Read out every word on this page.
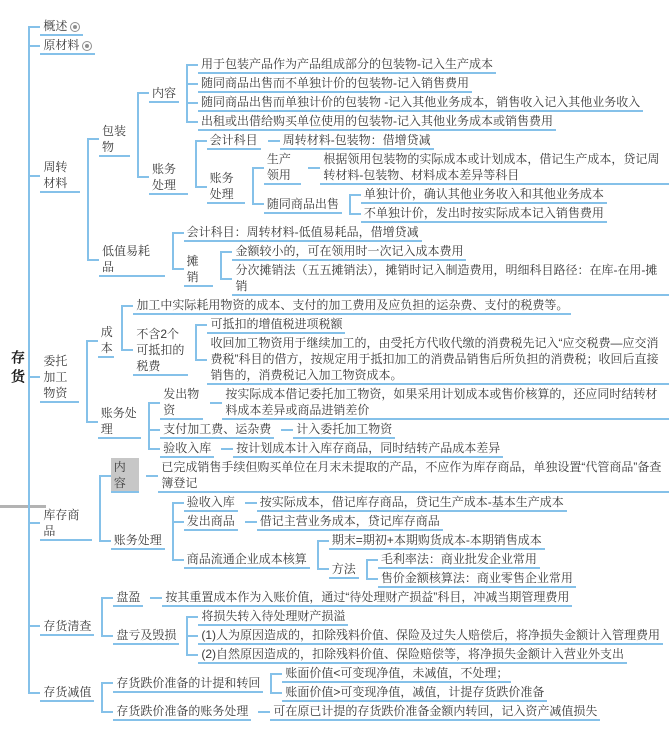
存货
概述
原材料
周转材料
包装物
内容
用于包装产品作为产品组成部分的包装物-记入生产成本
随同商品出售而不单独计价的包装物-记入销售费用
随同商品出售而单独计价的包装物 -记入其他业务成本，销售收入记入其他业务收入
出租或出借给购买单位使用的包装物-记入其他业务成本或销售费用
账务处理
会计科目 周转材料-包装物：借增贷减
账务处理
生产领用
根据领用包装物的实际成本或计划成本，借记生产成本，贷记周转材料-包装物、材料成本差异等科目
随同商品出售
单独计价，确认其他业务收入和其他业务成本
不单独计价，发出时按实际成本记入销售费用
低值易耗品
会计科目：周转材料-低值易耗品，借增贷减
摊销
金额较小的，可在领用时一次记入成本费用
分次摊销法（五五摊销法），摊销时记入制造费用，明细科目路径：在库-在用-摊销
委托加工物资
成本
加工中实际耗用物资的成本、支付的加工费用及应负担的运杂费、支付的税费等。
不含2个可抵扣的税费
可抵扣的增值税进项税额
收回加工物资用于继续加工的，由受托方代收代缴的消费税先记入“应交税费—应交消费税”科目的借方，按规定用于抵扣加工的消费品销售后所负担的消费税；收回后直接销售的，消费税记入加工物资成本。
账务处理
发出物资
按实际成本借记委托加工物资，如果采用计划成本或售价核算的，还应同时结转材料成本差异或商品进销差价
支付加工费、运杂费 计入委托加工物资
验收入库 按计划成本计入库存商品，同时结转产品成本差异
库存商品
内容
已完成销售手续但购买单位在月末未提取的产品，不应作为库存商品，单独设置“代管商品”备查簿登记
账务处理
验收入库 按实际成本，借记库存商品，贷记生产成本-基本生产成本
发出商品 借记主营业务成本，贷记库存商品
商品流通企业成本核算
期末=期初+本期购货成本-本期销售成本
方法
毛利率法：商业批发企业常用
售价金额核算法：商业零售企业常用
存货清查
盘盈 按其重置成本作为入账价值，通过“待处理财产损益”科目，冲减当期管理费用
盘亏及毁损
将损失转入待处理财产损溢
(1)人为原因造成的，扣除残料价值、保险及过失人赔偿后，将净损失金额计入管理费用
(2)自然原因造成的，扣除残料价值、保险赔偿等，将净损失金额计入营业外支出
存货减值
存货跌价准备的计提和转回
账面价值<可变现净值，未减值，不处理；
账面价值>可变现净值，减值，计提存货跌价准备
存货跌价准备的账务处理 可在原已计提的存货跌价准备金额内转回，记入资产减值损失
